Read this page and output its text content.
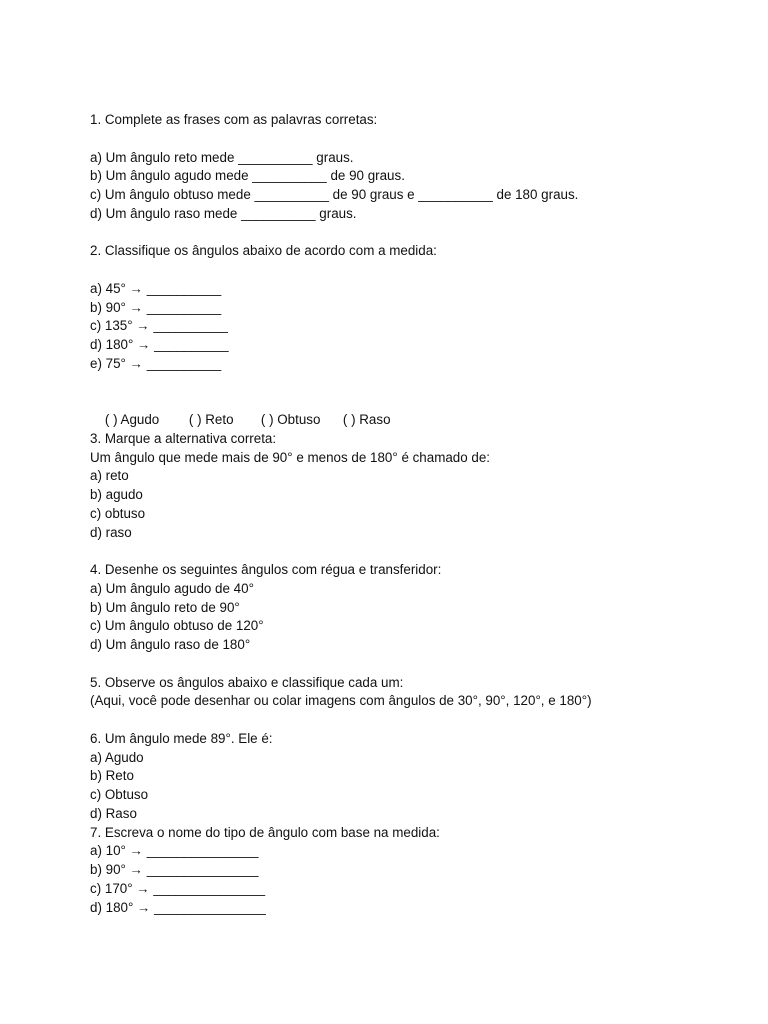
1. Complete as frases com as palavras corretas:
a) Um ângulo reto mede __________ graus.
b) Um ângulo agudo mede __________ de 90 graus.
c) Um ângulo obtuso mede __________ de 90 graus e __________ de 180 graus.
d) Um ângulo raso mede __________ graus.
2. Classifique os ângulos abaixo de acordo com a medida:
a) 45° → __________
b) 90° → __________
c) 135° → __________
d) 180° → __________
e) 75° → __________

( ) Agudo ( ) Reto ( ) Obtuso ( ) Raso

3. Marque a alternativa correta:
Um ângulo que mede mais de 90° e menos de 180° é chamado de:
a) reto
b) agudo
c) obtuso
d) raso
4. Desenhe os seguintes ângulos com régua e transferidor:
a) Um ângulo agudo de 40°
b) Um ângulo reto de 90°
c) Um ângulo obtuso de 120°
d) Um ângulo raso de 180°
5. Observe os ângulos abaixo e classifique cada um:
(Aqui, você pode desenhar ou colar imagens com ângulos de 30°, 90°, 120°, e 180°)
6. Um ângulo mede 89°. Ele é:
a) Agudo
b) Reto
c) Obtuso
d) Raso
7. Escreva o nome do tipo de ângulo com base na medida:
a) 10° → _______________
b) 90° → _______________
c) 170° → _______________
d) 180° → _______________
